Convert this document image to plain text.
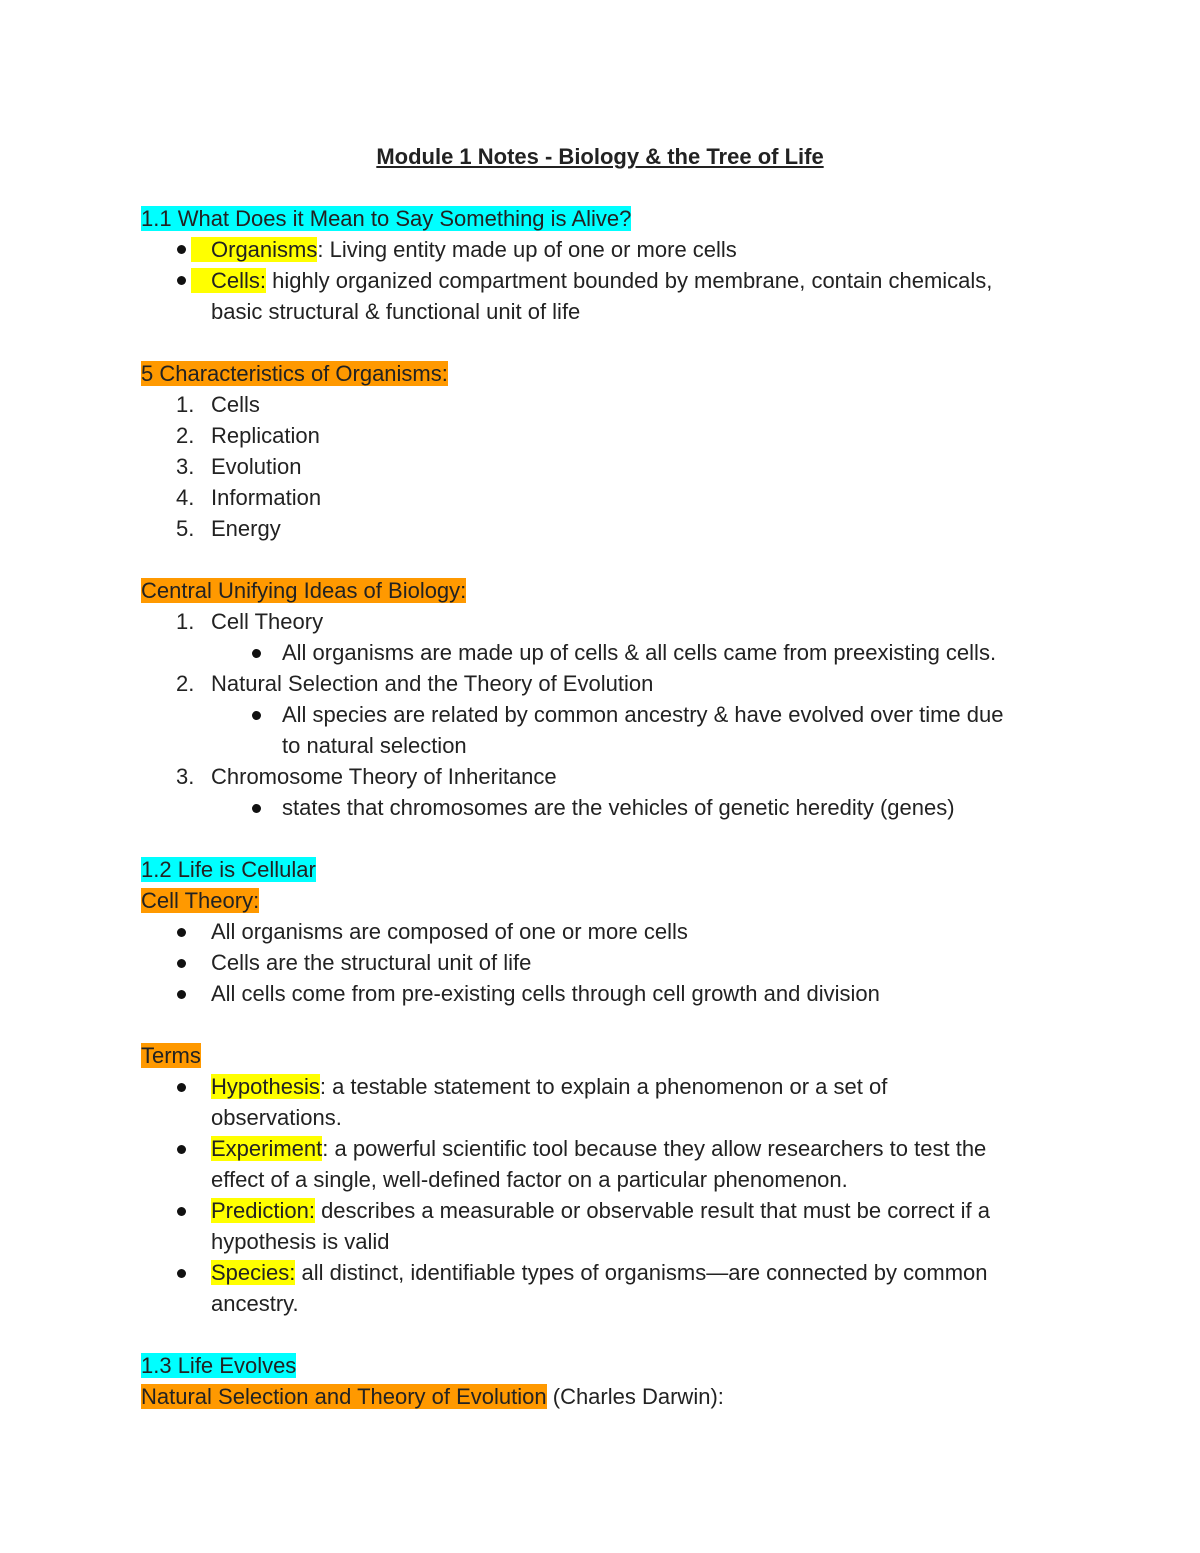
Module 1 Notes - Biology & the Tree of Life
1.1 What Does it Mean to Say Something is Alive?
Organisms: Living entity made up of one or more cells
Cells: highly organized compartment bounded by membrane, contain chemicals,
basic structural & functional unit of life
5 Characteristics of Organisms:
1. Cells
2. Replication
3. Evolution
4. Information
5. Energy
Central Unifying Ideas of Biology:
1. Cell Theory
All organisms are made up of cells & all cells came from preexisting cells.
2. Natural Selection and the Theory of Evolution
All species are related by common ancestry & have evolved over time due
to natural selection
3. Chromosome Theory of Inheritance
states that chromosomes are the vehicles of genetic heredity (genes)
1.2 Life is Cellular
Cell Theory:
All organisms are composed of one or more cells
Cells are the structural unit of life
All cells come from pre-existing cells through cell growth and division
Terms
Hypothesis: a testable statement to explain a phenomenon or a set of
observations.
Experiment: a powerful scientific tool because they allow researchers to test the
effect of a single, well-defined factor on a particular phenomenon.
Prediction: describes a measurable or observable result that must be correct if a
hypothesis is valid
Species: all distinct, identifiable types of organisms—are connected by common
ancestry.
1.3 Life Evolves
Natural Selection and Theory of Evolution (Charles Darwin):
